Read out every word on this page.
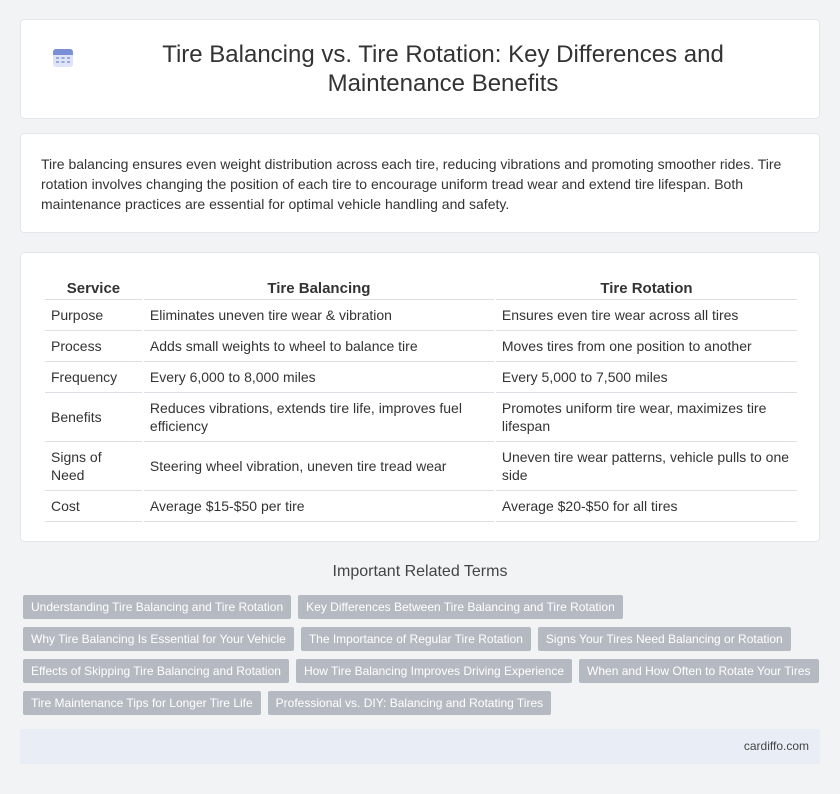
Tire Balancing vs. Tire Rotation: Key Differences and Maintenance Benefits

Tire balancing ensures even weight distribution across each tire, reducing vibrations and promoting smoother rides. Tire rotation involves changing the position of each tire to encourage uniform tread wear and extend tire lifespan. Both maintenance practices are essential for optimal vehicle handling and safety.

Service	Tire Balancing	Tire Rotation
Purpose	Eliminates uneven tire wear & vibration	Ensures even tire wear across all tires
Process	Adds small weights to wheel to balance tire	Moves tires from one position to another
Frequency	Every 6,000 to 8,000 miles	Every 5,000 to 7,500 miles
Benefits	Reduces vibrations, extends tire life, improves fuel efficiency	Promotes uniform tire wear, maximizes tire lifespan
Signs of Need	Steering wheel vibration, uneven tire tread wear	Uneven tire wear patterns, vehicle pulls to one side
Cost	Average $15-$50 per tire	Average $20-$50 for all tires
Important Related Terms
Understanding Tire Balancing and Tire Rotation	Key Differences Between Tire Balancing and Tire Rotation
Why Tire Balancing Is Essential for Your Vehicle	The Importance of Regular Tire Rotation	Signs Your Tires Need Balancing or Rotation
Effects of Skipping Tire Balancing and Rotation	How Tire Balancing Improves Driving Experience	When and How Often to Rotate Your Tires
Tire Maintenance Tips for Longer Tire Life	Professional vs. DIY: Balancing and Rotating Tires
cardiffo.com
